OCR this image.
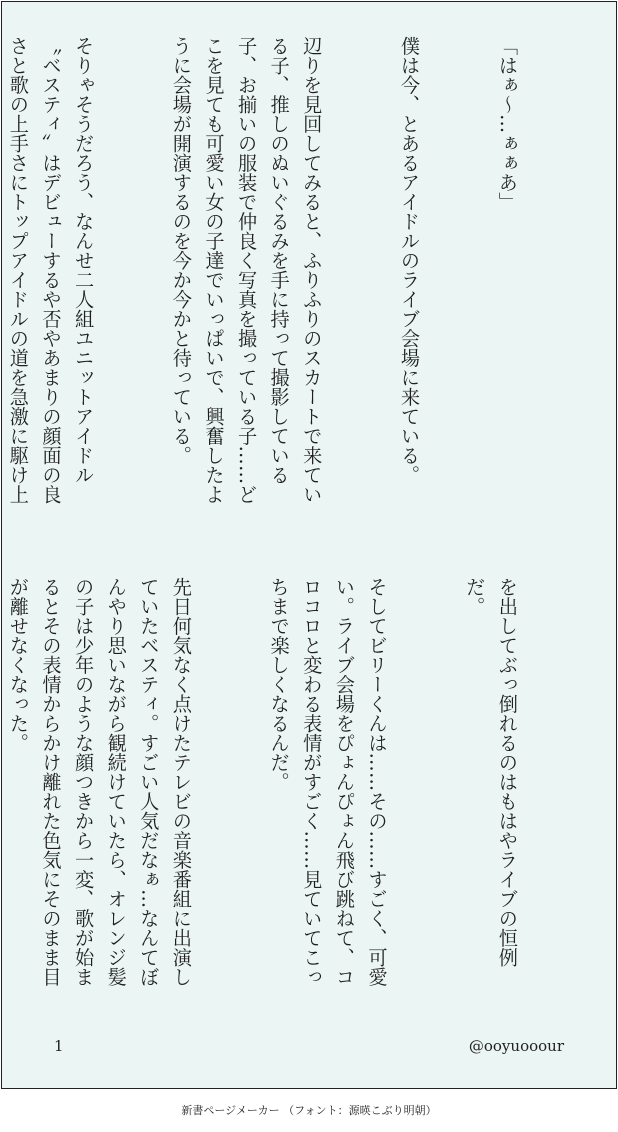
「はぁ～…ぁぁあ」

僕は今、とあるアイドルのライブ会場に来ている。

辺りを見回してみると、ふりふりのスカートで来ている子、推しのぬいぐるみを手に持って撮影している子、お揃いの服装で仲良く写真を撮っている子……どこを見ても可愛い女の子達でいっぱいで、興奮したように会場が開演するのを今か今かと待っている。

そりゃそうだろう、なんせ二人組ユニットアイドル〝ベスティ〟はデビューするや否やあまりの顔面の良さと歌の上手さにトップアイドルの道を急激に駆け上

を出してぶっ倒れるのはもはやライブの恒例だ。

そしてビリーくんは……その……すごく、可愛い。ライブ会場をぴょんぴょん飛び跳ねて、コロコロと変わる表情がすごく……見ていてこっちまで楽しくなるんだ。

先日何気なく点けたテレビの音楽番組に出演していたベスティ。すごい人気だなぁ…なんてぼんやり思いながら観続けていたら、オレンジ髪の子は少年のような顔つきから一変、歌が始まるとその表情からかけ離れた色気にそのまま目が離せなくなった。

1	@ooyuooour
新書ページメーカー （フォント：源暎こぶり明朝）
